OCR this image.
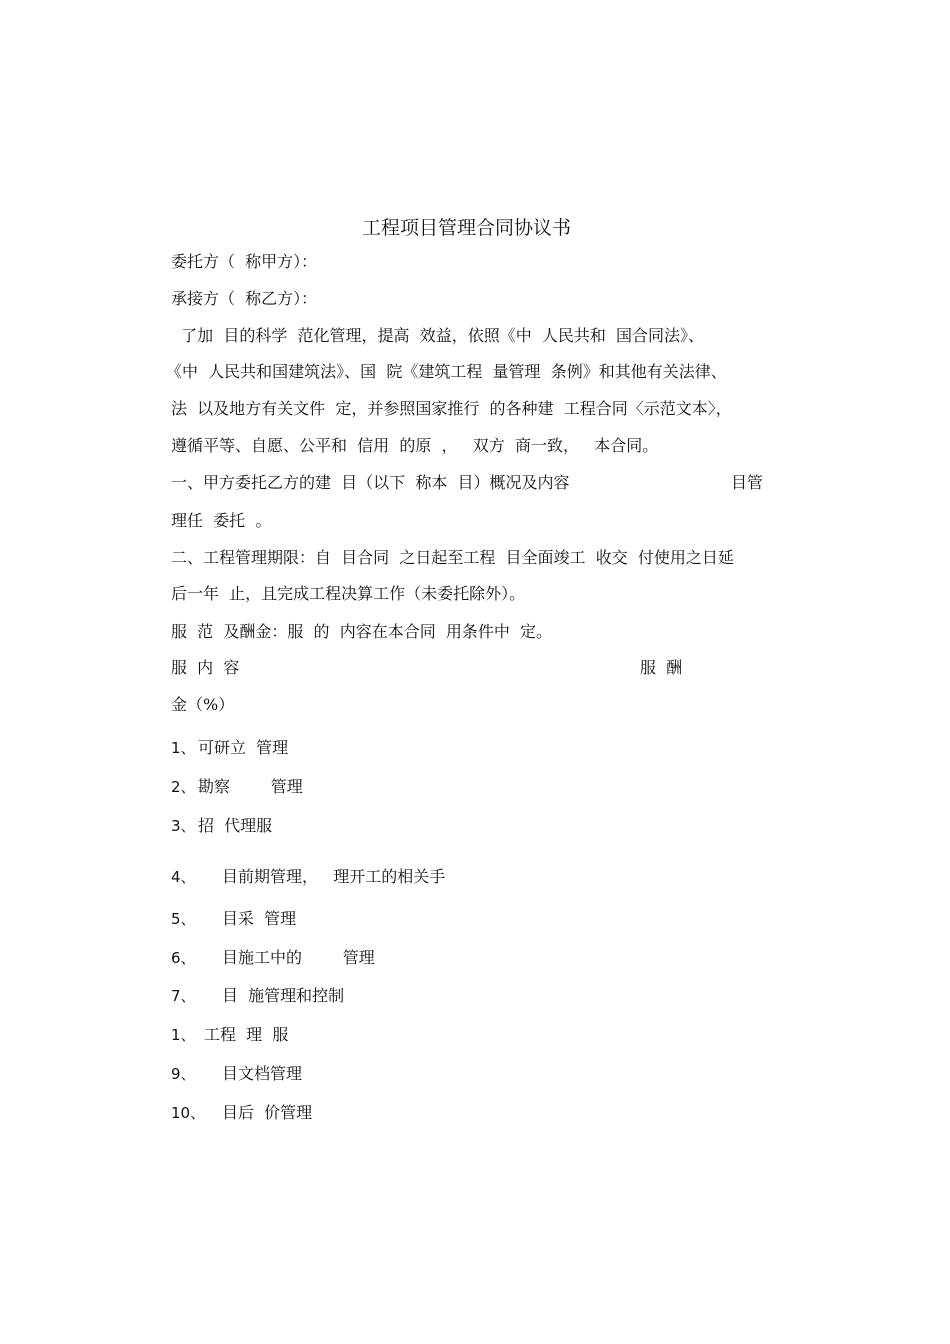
工程项目管理合同协议书
委托方（  称甲方）：
承接方（  称乙方）：
了加  目的科学  范化管理，提高  效益，依照《中  人民共和  国合同法》、
《中  人民共和国建筑法》、国  院《建筑工程  量管理  条例》和其他有关法律、
法  以及地方有关文件  定，并参照国家推行  的各种建  工程合同〈示范文本〉，
遵循平等、自愿、公平和  信用  的原  ，   双方  商一致，   本合同。
一、甲方委托乙方的建  目（以下  称本  目）概况及内容	目管
理任  委托  。
二、工程管理期限：自  目合同  之日起至工程  目全面竣工  收交  付使用之日延
后一年  止，且完成工程决算工作（未委托除外）。
服  范  及酬金：服  的  内容在本合同  用条件中  定。
服  内  容	服  酬
金（%）
1、 可研立  管理
2、 勘察        管理
3、 招  代理服
4、 目前期管理，   理开工的相关手
5、 目采  管理
6、 目施工中的        管理
7、 目  施管理和控制
1、 工程  理  服
9、 目文档管理
10、 目后  价管理
